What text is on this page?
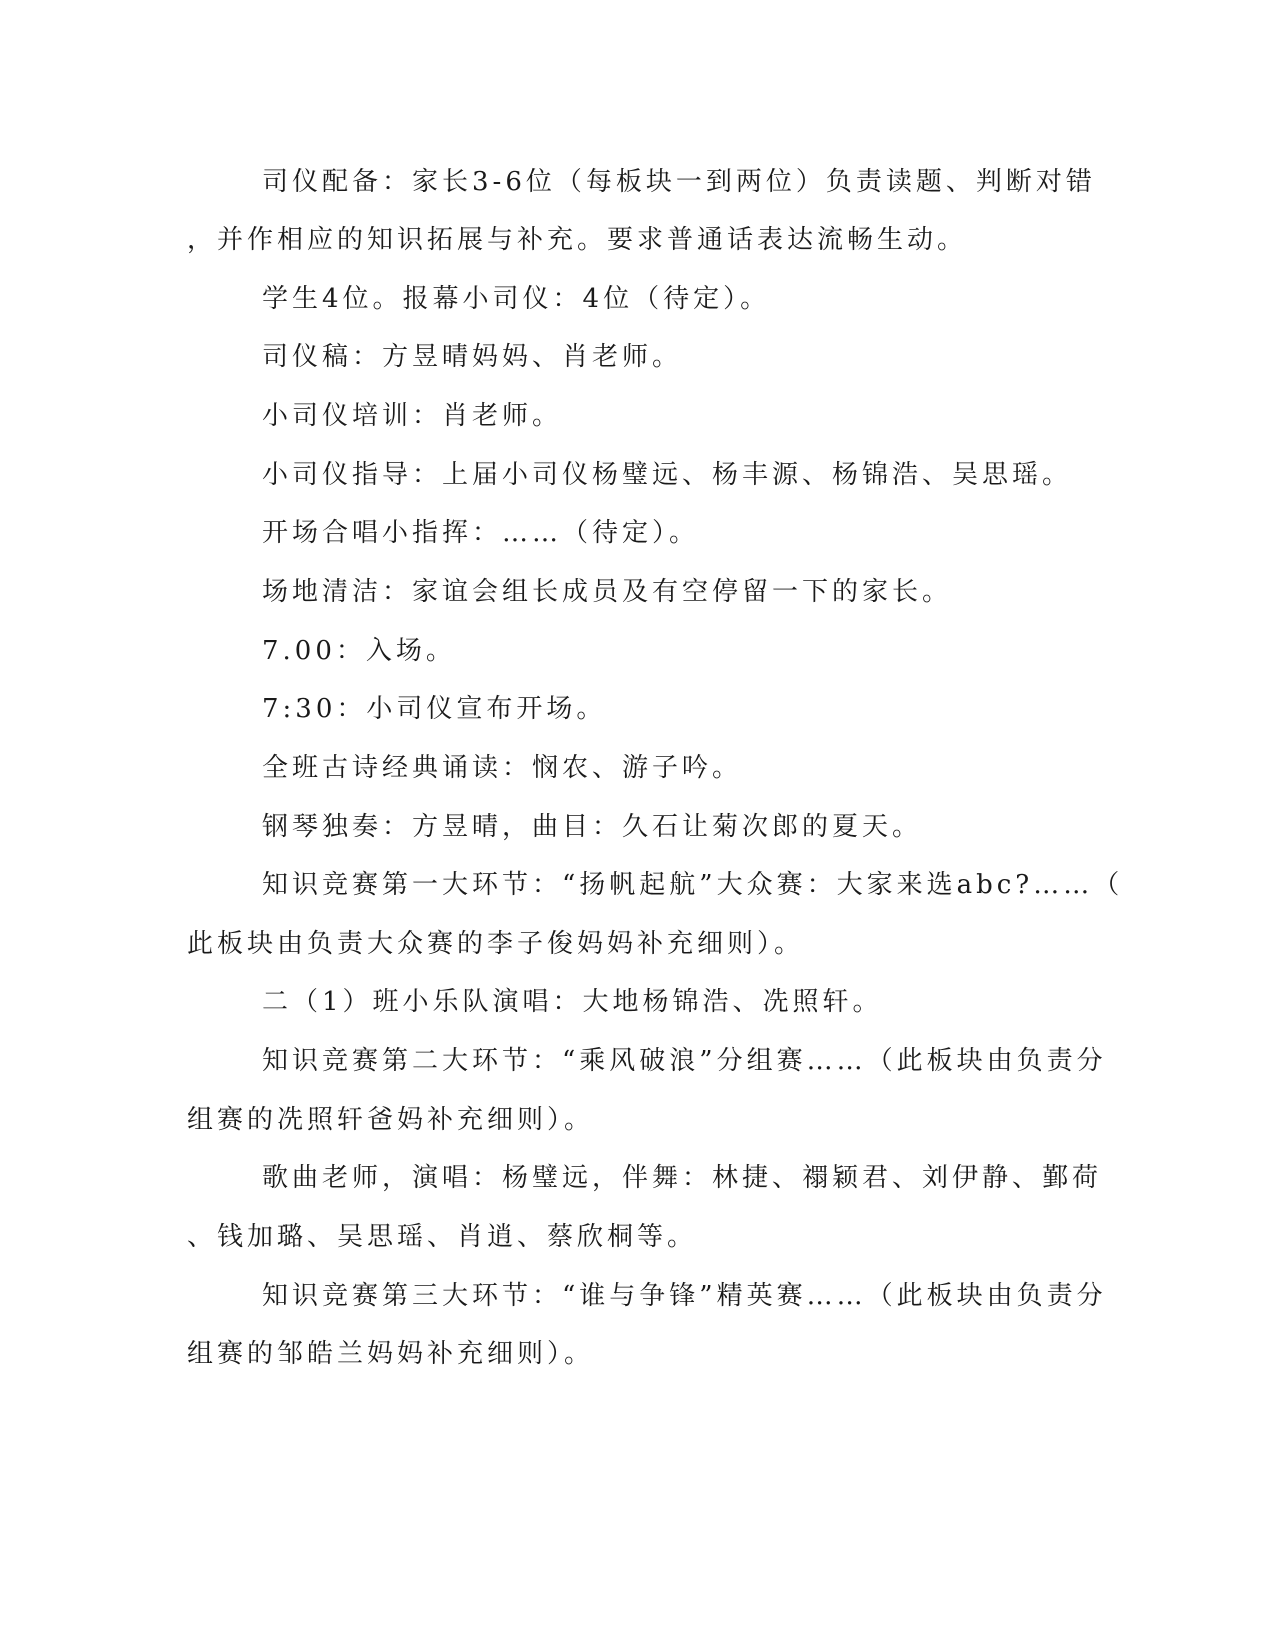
司仪配备：家长3-6位（每板块一到两位）负责读题、判断对错
，并作相应的知识拓展与补充。要求普通话表达流畅生动。
学生4位。报幕小司仪：4位（待定）。
司仪稿：方昱晴妈妈、肖老师。
小司仪培训：肖老师。
小司仪指导：上届小司仪杨璧远、杨丰源、杨锦浩、吴思瑶。
开场合唱小指挥：……（待定）。
场地清洁：家谊会组长成员及有空停留一下的家长。
7.00：入场。
7:30：小司仪宣布开场。
全班古诗经典诵读：悯农、游子吟。
钢琴独奏：方昱晴，曲目：久石让菊次郎的夏天。
知识竞赛第一大环节：“扬帆起航”大众赛：大家来选abc?……（
此板块由负责大众赛的李子俊妈妈补充细则）。
二（1）班小乐队演唱：大地杨锦浩、冼照轩。
知识竞赛第二大环节：“乘风破浪”分组赛……（此板块由负责分
组赛的冼照轩爸妈补充细则）。
歌曲老师，演唱：杨璧远，伴舞：林捷、禤颖君、刘伊静、鄞荷
、钱加璐、吴思瑶、肖逍、蔡欣桐等。
知识竞赛第三大环节：“谁与争锋”精英赛……（此板块由负责分
组赛的邹皓兰妈妈补充细则）。
